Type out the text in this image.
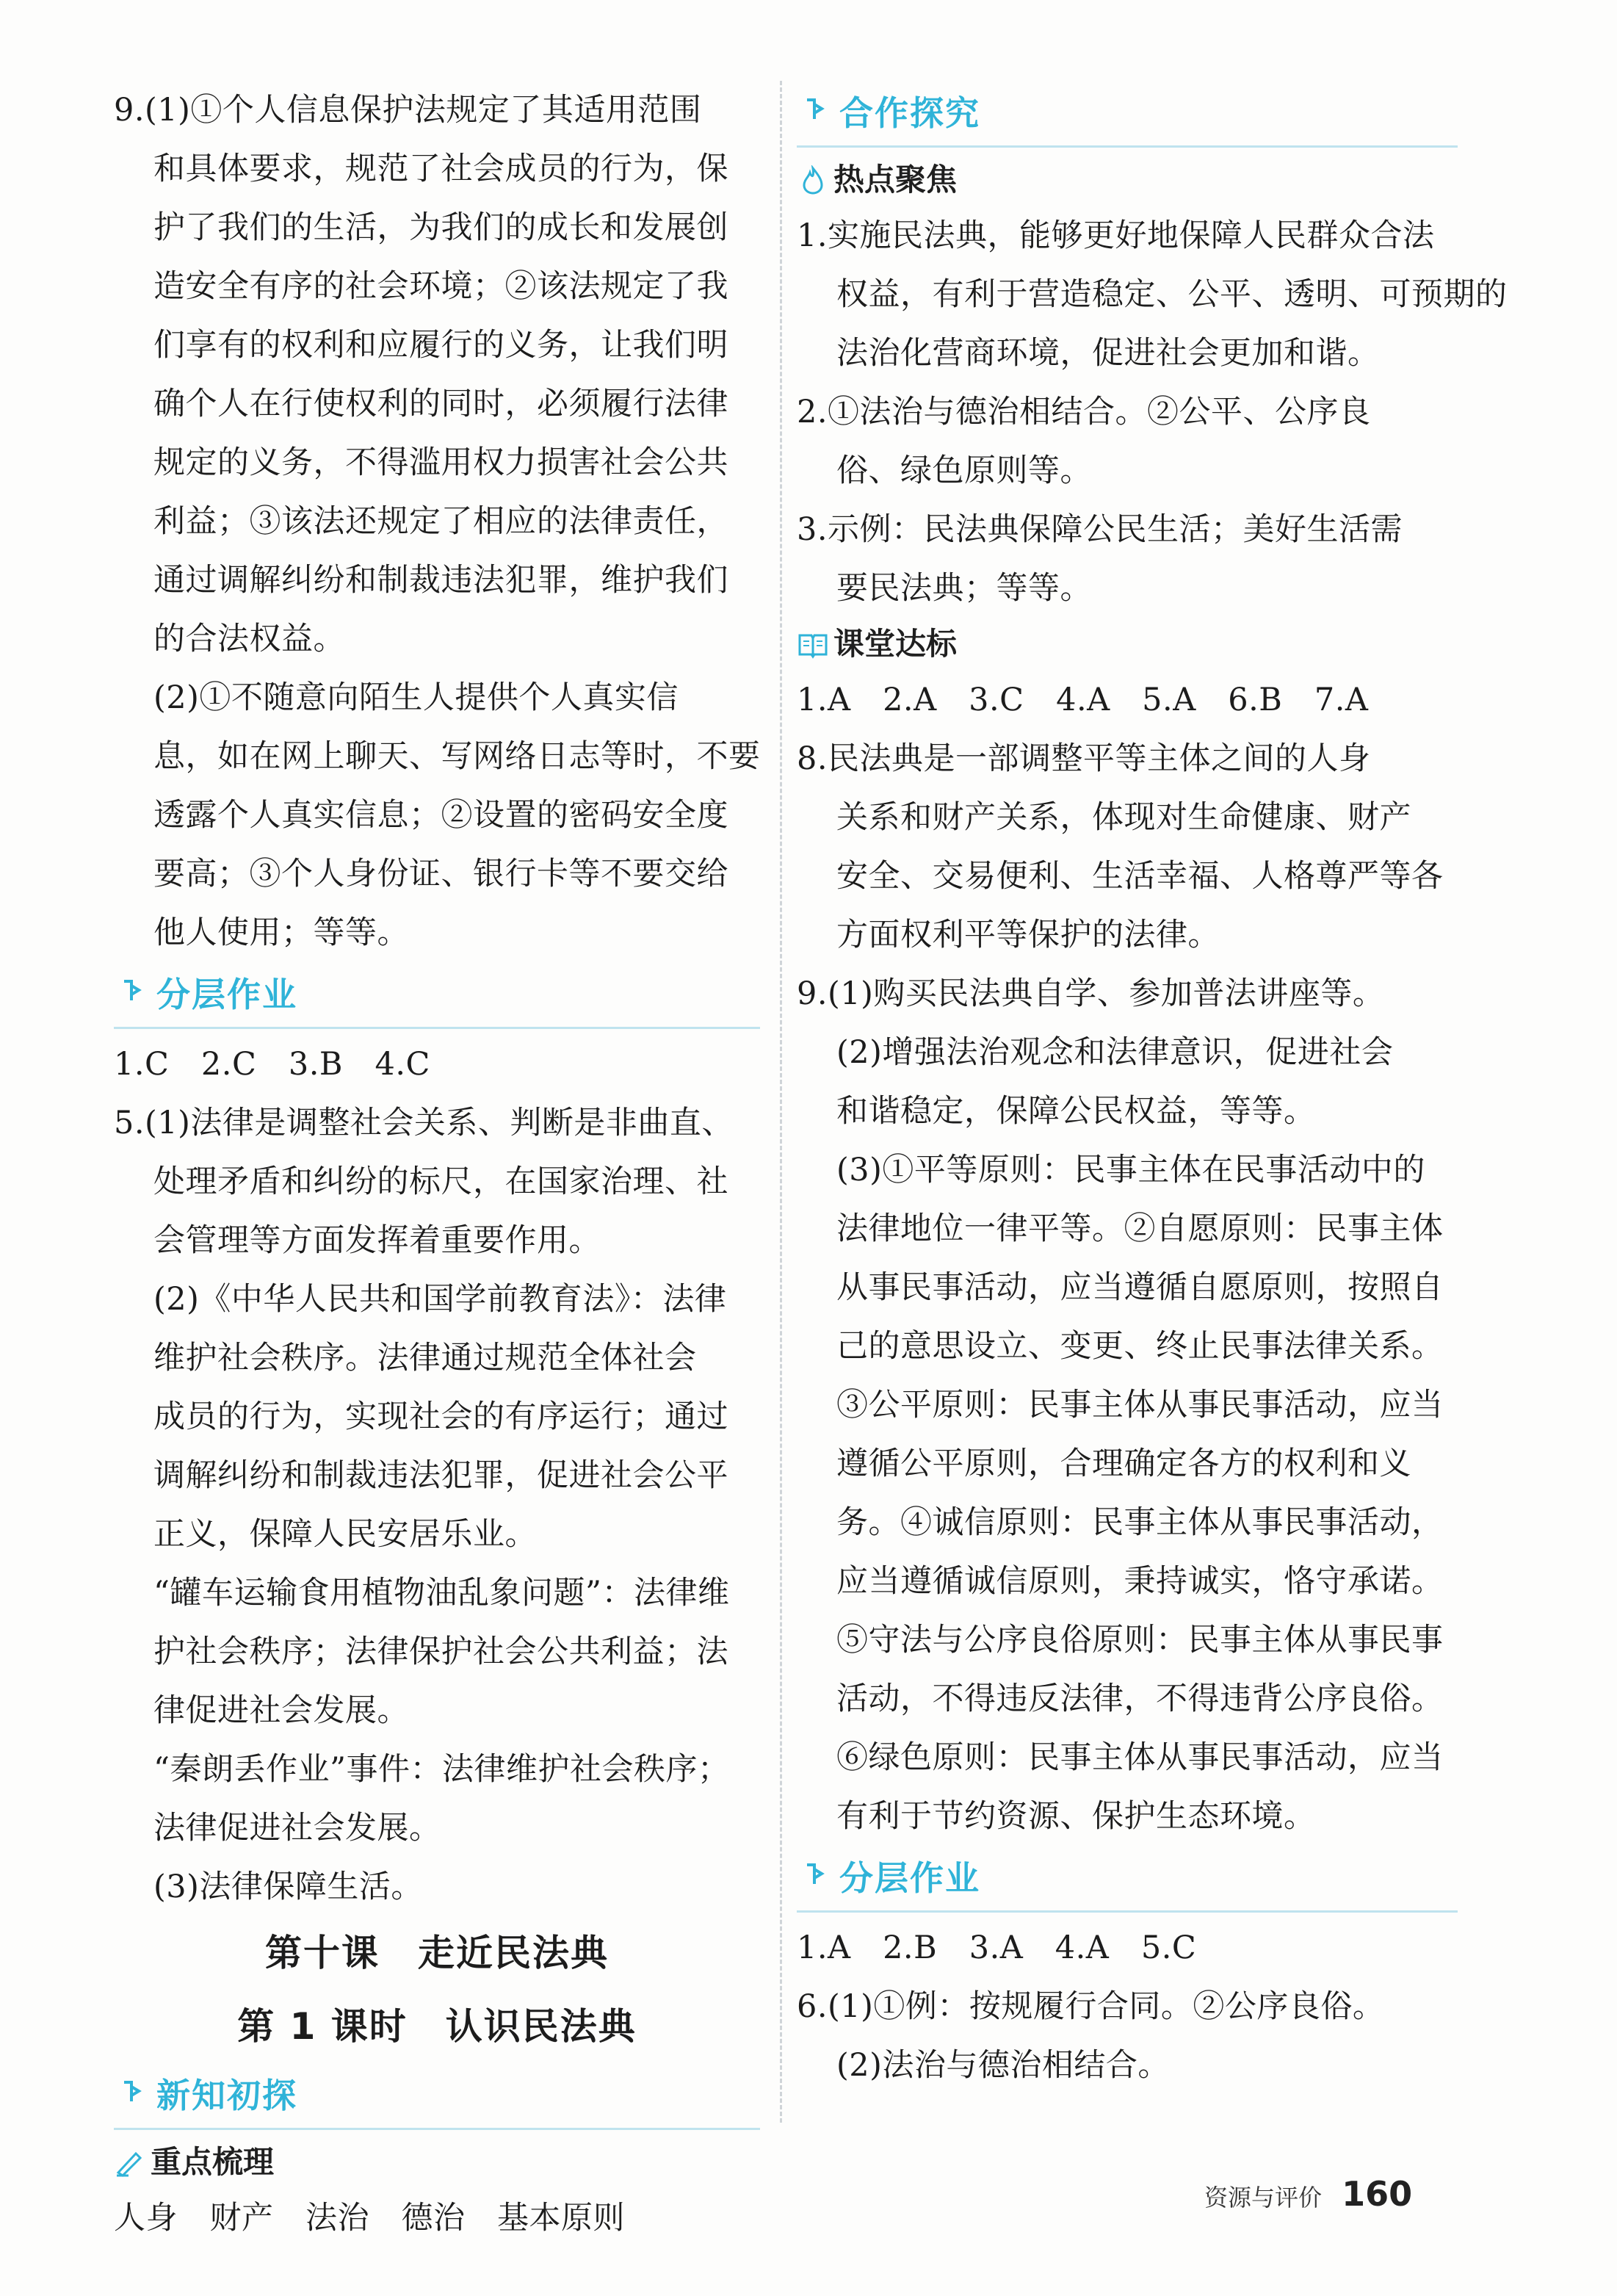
9.(1)①个人信息保护法规定了其适用范围
和具体要求，规范了社会成员的行为，保
护了我们的生活，为我们的成长和发展创
造安全有序的社会环境；②该法规定了我
们享有的权利和应履行的义务，让我们明
确个人在行使权利的同时，必须履行法律
规定的义务，不得滥用权力损害社会公共
利益；③该法还规定了相应的法律责任，
通过调解纠纷和制裁违法犯罪，维护我们
的合法权益。
(2)①不随意向陌生人提供个人真实信
息，如在网上聊天、写网络日志等时，不要
透露个人真实信息；②设置的密码安全度
要高；③个人身份证、银行卡等不要交给
他人使用；等等。
分层作业
1.C　2.C　3.B　4.C
5.(1)法律是调整社会关系、判断是非曲直、
处理矛盾和纠纷的标尺，在国家治理、社
会管理等方面发挥着重要作用。
(2)《中华人民共和国学前教育法》：法律
维护社会秩序。法律通过规范全体社会
成员的行为，实现社会的有序运行；通过
调解纠纷和制裁违法犯罪，促进社会公平
正义，保障人民安居乐业。
“罐车运输食用植物油乱象问题”：法律维
护社会秩序；法律保护社会公共利益；法
律促进社会发展。
“秦朗丢作业”事件：法律维护社会秩序；
法律促进社会发展。
(3)法律保障生活。
第十课　走近民法典
第 1 课时　认识民法典
新知初探
重点梳理
人身　财产　法治　德治　基本原则
合作探究
热点聚焦
1.实施民法典，能够更好地保障人民群众合法
权益，有利于营造稳定、公平、透明、可预期的
法治化营商环境，促进社会更加和谐。
2.①法治与德治相结合。②公平、公序良
俗、绿色原则等。
3.示例：民法典保障公民生活；美好生活需
要民法典；等等。
课堂达标
1.A　2.A　3.C　4.A　5.A　6.B　7.A
8.民法典是一部调整平等主体之间的人身
关系和财产关系，体现对生命健康、财产
安全、交易便利、生活幸福、人格尊严等各
方面权利平等保护的法律。
9.(1)购买民法典自学、参加普法讲座等。
(2)增强法治观念和法律意识，促进社会
和谐稳定，保障公民权益，等等。
(3)①平等原则：民事主体在民事活动中的
法律地位一律平等。②自愿原则：民事主体
从事民事活动，应当遵循自愿原则，按照自
己的意思设立、变更、终止民事法律关系。
③公平原则：民事主体从事民事活动，应当
遵循公平原则，合理确定各方的权利和义
务。④诚信原则：民事主体从事民事活动，
应当遵循诚信原则，秉持诚实，恪守承诺。
⑤守法与公序良俗原则：民事主体从事民事
活动，不得违反法律，不得违背公序良俗。
⑥绿色原则：民事主体从事民事活动，应当
有利于节约资源、保护生态环境。
分层作业
1.A　2.B　3.A　4.A　5.C
6.(1)①例：按规履行合同。②公序良俗。
(2)法治与德治相结合。
资源与评价 160
